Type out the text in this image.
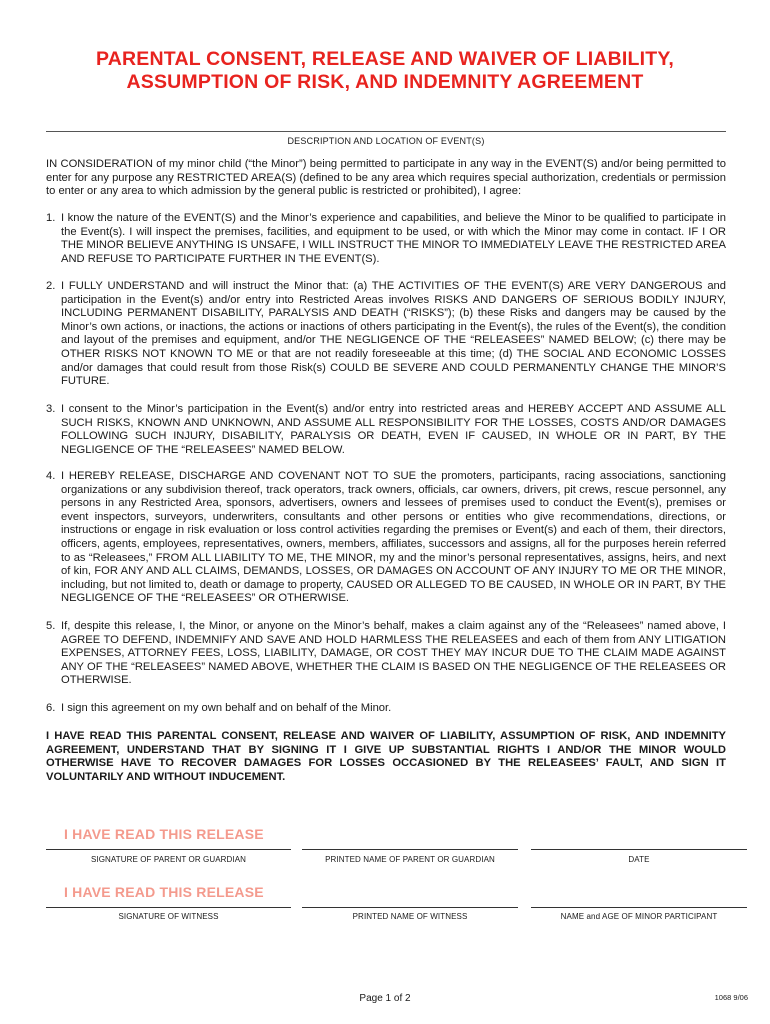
PARENTAL CONSENT, RELEASE AND WAIVER OF LIABILITY,
ASSUMPTION OF RISK, AND INDEMNITY AGREEMENT
DESCRIPTION AND LOCATION OF EVENT(S)
IN CONSIDERATION of my minor child (“the Minor”) being permitted to participate in any way in the EVENT(S) and/or being permitted to enter for any purpose any RESTRICTED AREA(S) (defined to be any area which requires special authorization, credentials or permission to enter or any area to which admission by the general public is restricted or prohibited), I agree:
1. I know the nature of the EVENT(S) and the Minor’s experience and capabilities, and believe the Minor to be qualified to participate in the Event(s). I will inspect the premises, facilities, and equipment to be used, or with which the Minor may come in contact. IF I OR THE MINOR BELIEVE ANYTHING IS UNSAFE, I WILL INSTRUCT THE MINOR TO IMMEDIATELY LEAVE THE RESTRICTED AREA AND REFUSE TO PARTICIPATE FURTHER IN THE EVENT(S).
2. I FULLY UNDERSTAND and will instruct the Minor that: (a) THE ACTIVITIES OF THE EVENT(S) ARE VERY DANGEROUS and participation in the Event(s) and/or entry into Restricted Areas involves RISKS AND DANGERS OF SERIOUS BODILY INJURY, INCLUDING PERMANENT DISABILITY, PARALYSIS AND DEATH (“RISKS”); (b) these Risks and dangers may be caused by the Minor’s own actions, or inactions, the actions or inactions of others participating in the Event(s), the rules of the Event(s), the condition and layout of the premises and equipment, and/or THE NEGLIGENCE OF THE “RELEASEES” NAMED BELOW; (c) there may be OTHER RISKS NOT KNOWN TO ME or that are not readily foreseeable at this time; (d) THE SOCIAL AND ECONOMIC LOSSES and/or damages that could result from those Risk(s) COULD BE SEVERE AND COULD PERMANENTLY CHANGE THE MINOR’S FUTURE.
3. I consent to the Minor’s participation in the Event(s) and/or entry into restricted areas and HEREBY ACCEPT AND ASSUME ALL SUCH RISKS, KNOWN AND UNKNOWN, AND ASSUME ALL RESPONSIBILITY FOR THE LOSSES, COSTS AND/OR DAMAGES FOLLOWING SUCH INJURY, DISABILITY, PARALYSIS OR DEATH, EVEN IF CAUSED, IN WHOLE OR IN PART, BY THE NEGLIGENCE OF THE “RELEASEES” NAMED BELOW.
4. I HEREBY RELEASE, DISCHARGE AND COVENANT NOT TO SUE the promoters, participants, racing associations, sanctioning organizations or any subdivision thereof, track operators, track owners, officials, car owners, drivers, pit crews, rescue personnel, any persons in any Restricted Area, sponsors, advertisers, owners and lessees of premises used to conduct the Event(s), premises or event inspectors, surveyors, underwriters, consultants and other persons or entities who give recommendations, directions, or instructions or engage in risk evaluation or loss control activities regarding the premises or Event(s) and each of them, their directors, officers, agents, employees, representatives, owners, members, affiliates, successors and assigns, all for the purposes herein referred to as “Releasees,” FROM ALL LIABILITY TO ME, THE MINOR, my and the minor’s personal representatives, assigns, heirs, and next of kin, FOR ANY AND ALL CLAIMS, DEMANDS, LOSSES, OR DAMAGES ON ACCOUNT OF ANY INJURY TO ME OR THE MINOR, including, but not limited to, death or damage to property, CAUSED OR ALLEGED TO BE CAUSED, IN WHOLE OR IN PART, BY THE NEGLIGENCE OF THE “RELEASEES” OR OTHERWISE.
5. If, despite this release, I, the Minor, or anyone on the Minor’s behalf, makes a claim against any of the “Releasees” named above, I AGREE TO DEFEND, INDEMNIFY AND SAVE AND HOLD HARMLESS THE RELEASEES and each of them from ANY LITIGATION EXPENSES, ATTORNEY FEES, LOSS, LIABILITY, DAMAGE, OR COST THEY MAY INCUR DUE TO THE CLAIM MADE AGAINST ANY OF THE “RELEASEES” NAMED ABOVE, WHETHER THE CLAIM IS BASED ON THE NEGLIGENCE OF THE RELEASEES OR OTHERWISE.
6. I sign this agreement on my own behalf and on behalf of the Minor.
I HAVE READ THIS PARENTAL CONSENT, RELEASE AND WAIVER OF LIABILITY, ASSUMPTION OF RISK, AND INDEMNITY AGREEMENT, UNDERSTAND THAT BY SIGNING IT I GIVE UP SUBSTANTIAL RIGHTS I AND/OR THE MINOR WOULD OTHERWISE HAVE TO RECOVER DAMAGES FOR LOSSES OCCASIONED BY THE RELEASEES’ FAULT, AND SIGN IT VOLUNTARILY AND WITHOUT INDUCEMENT.
I HAVE READ THIS RELEASE
SIGNATURE OF PARENT OR GUARDIAN	PRINTED NAME OF PARENT OR GUARDIAN	DATE
I HAVE READ THIS RELEASE
SIGNATURE OF WITNESS	PRINTED NAME OF WITNESS	NAME and AGE OF MINOR PARTICIPANT
Page 1 of 2	1068 9/06
